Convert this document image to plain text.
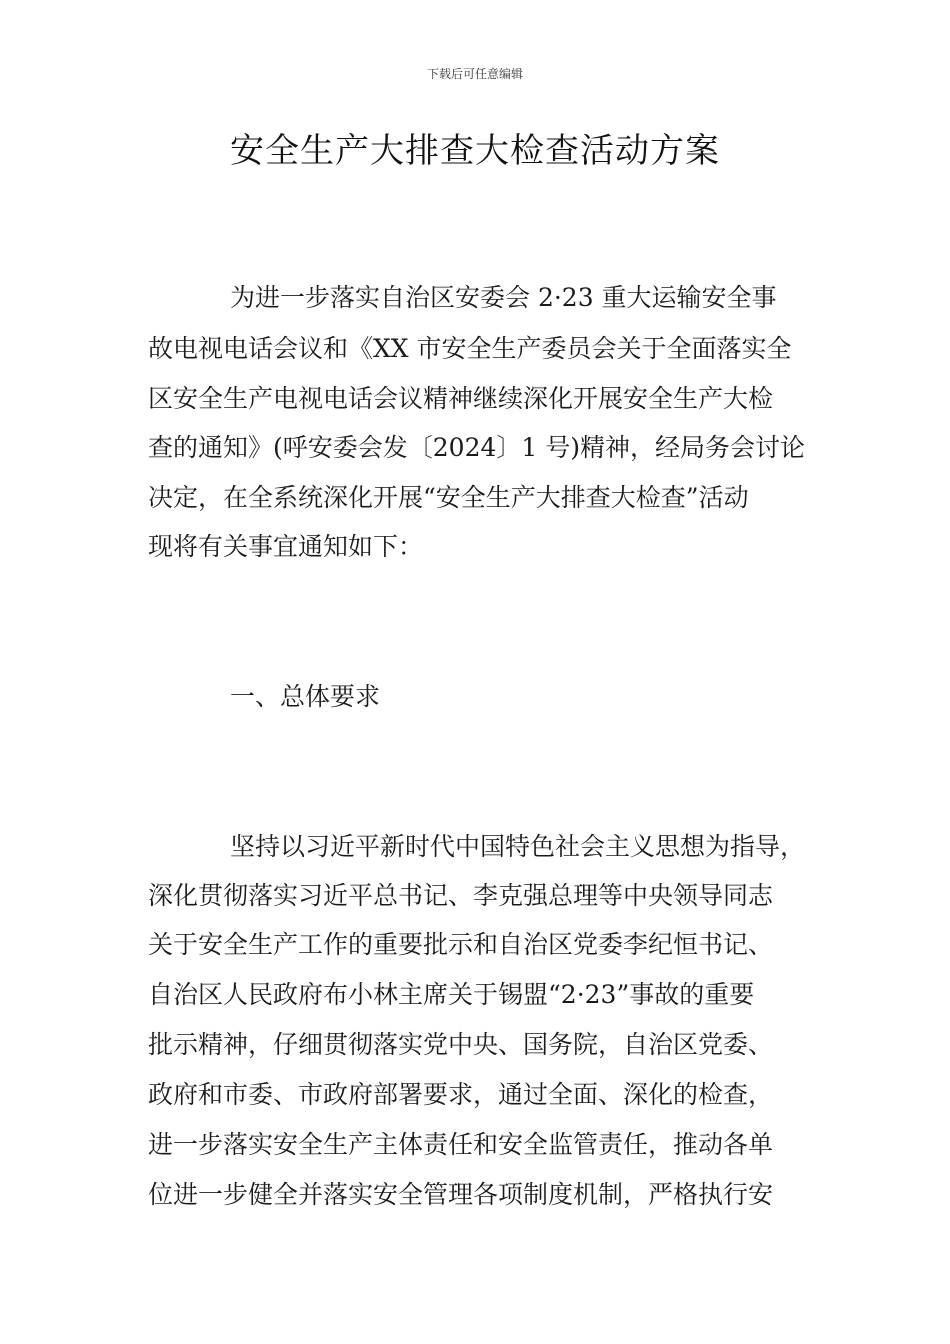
下载后可任意编辑
安全生产大排查大检查活动方案
为进一步落实自治区安委会 2·23 重大运输安全事
故电视电话会议和《XX 市安全生产委员会关于全面落实全
区安全生产电视电话会议精神继续深化开展安全生产大检
查的通知》(呼安委会发〔2024〕1 号)精神，经局务会讨论
决定，在全系统深化开展“安全生产大排查大检查”活动
现将有关事宜通知如下：
一、总体要求
坚持以习近平新时代中国特色社会主义思想为指导，
深化贯彻落实习近平总书记、李克强总理等中央领导同志
关于安全生产工作的重要批示和自治区党委李纪恒书记、
自治区人民政府布小林主席关于锡盟“2·23”事故的重要
批示精神，仔细贯彻落实党中央、国务院，自治区党委、
政府和市委、市政府部署要求，通过全面、深化的检查，
进一步落实安全生产主体责任和安全监管责任，推动各单
位进一步健全并落实安全管理各项制度机制，严格执行安
